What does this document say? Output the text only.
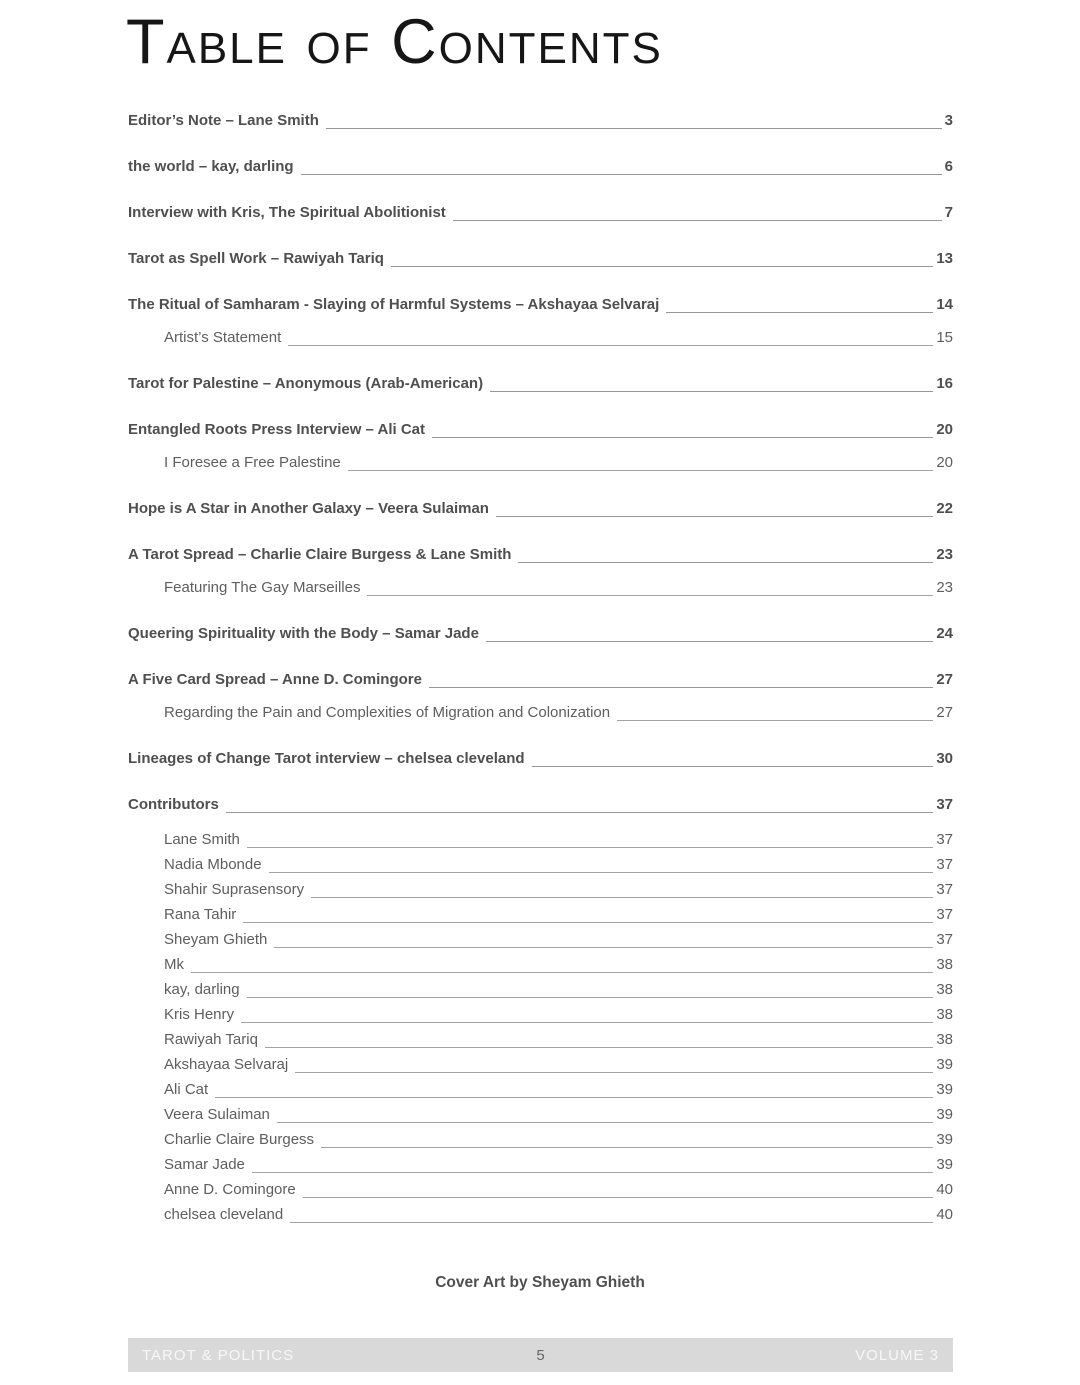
Table of Contents
Editor’s Note – Lane Smith	3
the world – kay, darling	6
Interview with Kris, The Spiritual Abolitionist	7
Tarot as Spell Work – Rawiyah Tariq	13
The Ritual of Samharam - Slaying of Harmful Systems – Akshayaa Selvaraj	14
Artist’s Statement	15
Tarot for Palestine – Anonymous (Arab-American)	16
Entangled Roots Press Interview – Ali Cat	20
I Foresee a Free Palestine	20
Hope is A Star in Another Galaxy – Veera Sulaiman	22
A Tarot Spread – Charlie Claire Burgess & Lane Smith	23
Featuring The Gay Marseilles	23
Queering Spirituality with the Body – Samar Jade	24
A Five Card Spread – Anne D. Comingore	27
Regarding the Pain and Complexities of Migration and Colonization	27
Lineages of Change Tarot interview – chelsea cleveland	30
Contributors	37
Lane Smith	37
Nadia Mbonde	37
Shahir Suprasensory	37
Rana Tahir	37
Sheyam Ghieth	37
Mk	38
kay, darling	38
Kris Henry	38
Rawiyah Tariq	38
Akshayaa Selvaraj	39
Ali Cat	39
Veera Sulaiman	39
Charlie Claire Burgess	39
Samar Jade	39
Anne D. Comingore	40
chelsea cleveland	40
Cover Art by Sheyam Ghieth
TAROT & POLITICS	5	VOLUME 3
